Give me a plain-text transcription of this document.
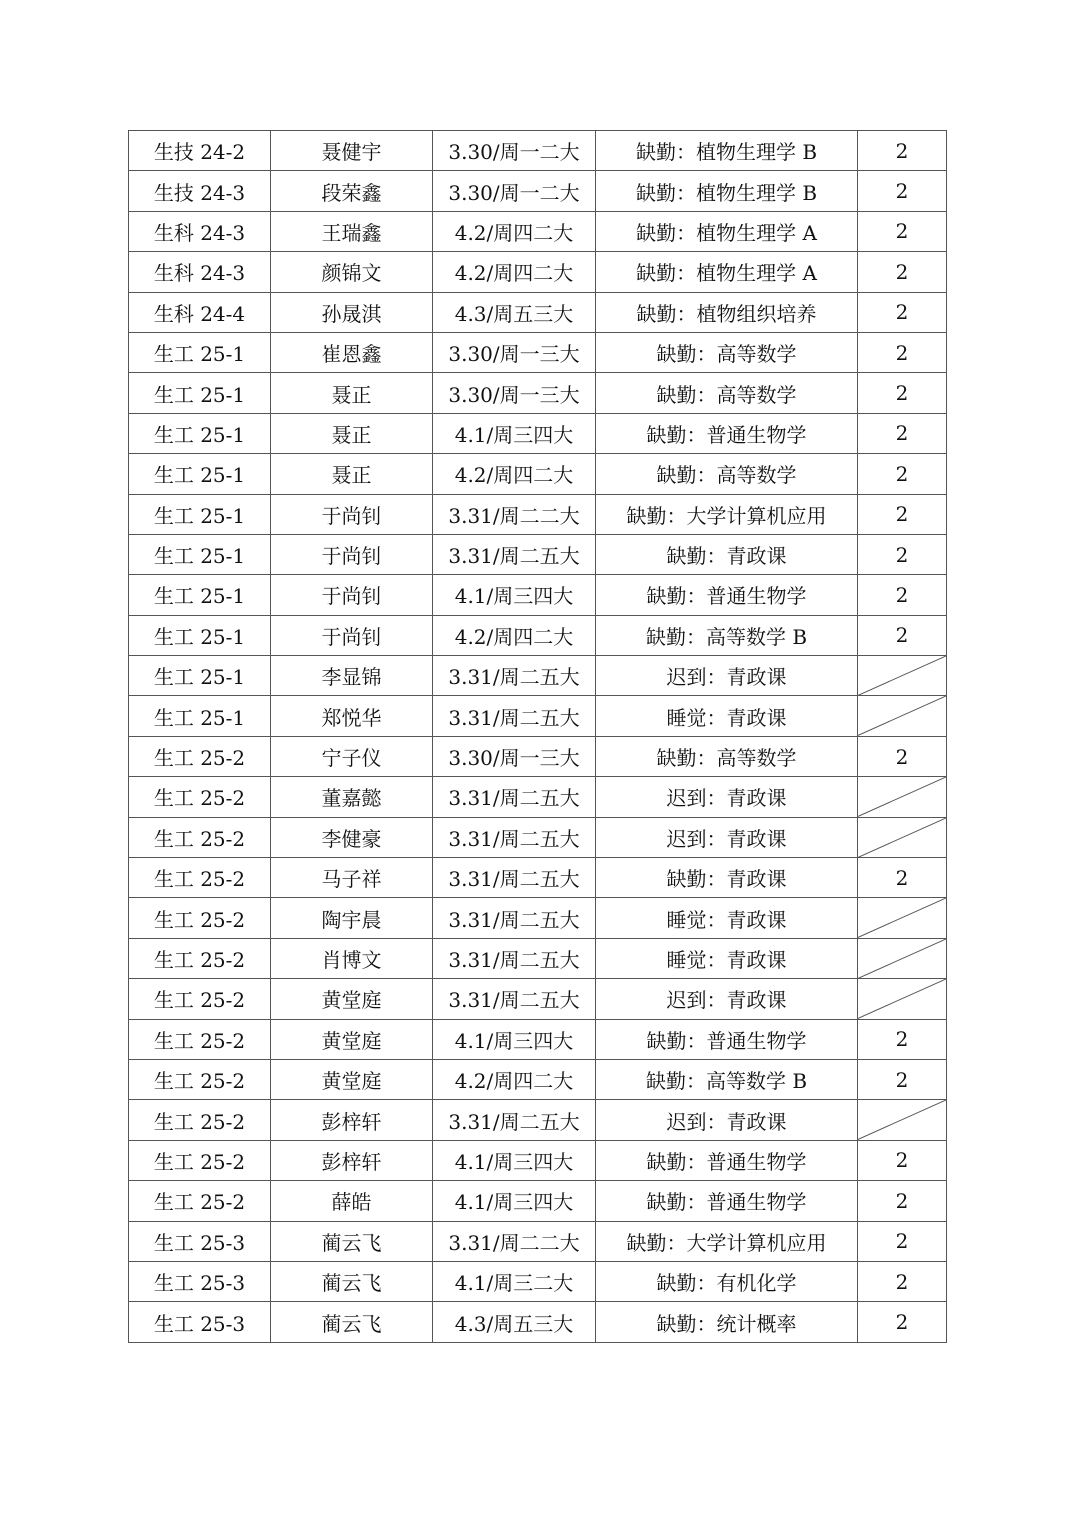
生技 24-2	聂健宇	3.30/周一二大	缺勤：植物生理学 B	2
生技 24-3	段荣鑫	3.30/周一二大	缺勤：植物生理学 B	2
生科 24-3	王瑞鑫	4.2/周四二大	缺勤：植物生理学 A	2
生科 24-3	颜锦文	4.2/周四二大	缺勤：植物生理学 A	2
生科 24-4	孙晟淇	4.3/周五三大	缺勤：植物组织培养	2
生工 25-1	崔恩鑫	3.30/周一三大	缺勤：高等数学	2
生工 25-1	聂正	3.30/周一三大	缺勤：高等数学	2
生工 25-1	聂正	4.1/周三四大	缺勤：普通生物学	2
生工 25-1	聂正	4.2/周四二大	缺勤：高等数学	2
生工 25-1	于尚钊	3.31/周二二大	缺勤：大学计算机应用	2
生工 25-1	于尚钊	3.31/周二五大	缺勤：青政课	2
生工 25-1	于尚钊	4.1/周三四大	缺勤：普通生物学	2
生工 25-1	于尚钊	4.2/周四二大	缺勤：高等数学 B	2
生工 25-1	李显锦	3.31/周二五大	迟到：青政课	

生工 25-1	郑悦华	3.31/周二五大	睡觉：青政课	

生工 25-2	宁子仪	3.30/周一三大	缺勤：高等数学	2
生工 25-2	董嘉懿	3.31/周二五大	迟到：青政课	

生工 25-2	李健豪	3.31/周二五大	迟到：青政课	

生工 25-2	马子祥	3.31/周二五大	缺勤：青政课	2
生工 25-2	陶宇晨	3.31/周二五大	睡觉：青政课	

生工 25-2	肖博文	3.31/周二五大	睡觉：青政课	

生工 25-2	黄堂庭	3.31/周二五大	迟到：青政课	

生工 25-2	黄堂庭	4.1/周三四大	缺勤：普通生物学	2
生工 25-2	黄堂庭	4.2/周四二大	缺勤：高等数学 B	2
生工 25-2	彭梓轩	3.31/周二五大	迟到：青政课	

生工 25-2	彭梓轩	4.1/周三四大	缺勤：普通生物学	2
生工 25-2	薛皓	4.1/周三四大	缺勤：普通生物学	2
生工 25-3	蔺云飞	3.31/周二二大	缺勤：大学计算机应用	2
生工 25-3	蔺云飞	4.1/周三二大	缺勤：有机化学	2
生工 25-3	蔺云飞	4.3/周五三大	缺勤：统计概率	2
